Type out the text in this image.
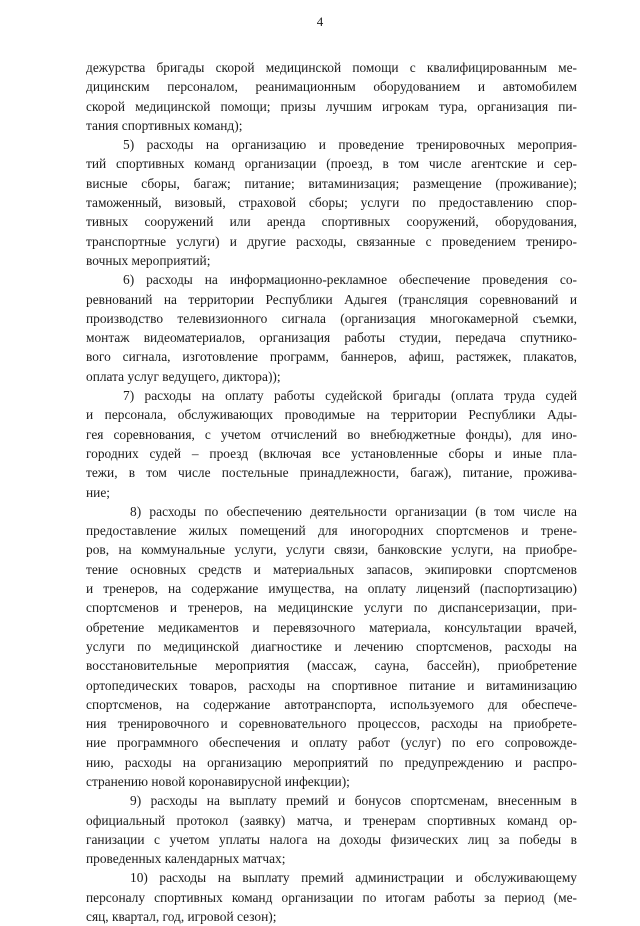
4
дежурства бригады скорой медицинской помощи с квалифицированным ме-
дицинским персоналом, реанимационным оборудованием и автомобилем
скорой медицинской помощи; призы лучшим игрокам тура, организация пи-
тания спортивных команд);
5) расходы на организацию и проведение тренировочных мероприя-
тий спортивных команд организации (проезд, в том числе агентские и сер-
висные сборы, багаж; питание; витаминизация; размещение (проживание);
таможенный, визовый, страховой сборы; услуги по предоставлению спор-
тивных сооружений или аренда спортивных сооружений, оборудования,
транспортные услуги) и другие расходы, связанные с проведением трениро-
вочных мероприятий;
6) расходы на информационно-рекламное обеспечение проведения со-
ревнований на территории Республики Адыгея (трансляция соревнований и
производство телевизионного сигнала (организация многокамерной съемки,
монтаж видеоматериалов, организация работы студии, передача спутнико-
вого сигнала, изготовление программ, баннеров, афиш, растяжек, плакатов,
оплата услуг ведущего, диктора));
7) расходы на оплату работы судейской бригады (оплата труда судей
и персонала, обслуживающих проводимые на территории Республики Ады-
гея соревнования, с учетом отчислений во внебюджетные фонды), для ино-
городних судей – проезд (включая все установленные сборы и иные пла-
тежи, в том числе постельные принадлежности, багаж), питание, прожива-
ние;
8) расходы по обеспечению деятельности организации (в том числе на
предоставление жилых помещений для иногородних спортсменов и трене-
ров, на коммунальные услуги, услуги связи, банковские услуги, на приобре-
тение основных средств и материальных запасов, экипировки спортсменов
и тренеров, на содержание имущества, на оплату лицензий (паспортизацию)
спортсменов и тренеров, на медицинские услуги по диспансеризации, при-
обретение медикаментов и перевязочного материала, консультации врачей,
услуги по медицинской диагностике и лечению спортсменов, расходы на
восстановительные мероприятия (массаж, сауна, бассейн), приобретение
ортопедических товаров, расходы на спортивное питание и витаминизацию
спортсменов, на содержание автотранспорта, используемого для обеспече-
ния тренировочного и соревновательного процессов, расходы на приобрете-
ние программного обеспечения и оплату работ (услуг) по его сопровожде-
нию, расходы на организацию мероприятий по предупреждению и распро-
странению новой коронавирусной инфекции);
9) расходы на выплату премий и бонусов спортсменам, внесенным в
официальный протокол (заявку) матча, и тренерам спортивных команд ор-
ганизации с учетом уплаты налога на доходы физических лиц за победы в
проведенных календарных матчах;
10) расходы на выплату премий администрации и обслуживающему
персоналу спортивных команд организации по итогам работы за период (ме-
сяц, квартал, год, игровой сезон);
